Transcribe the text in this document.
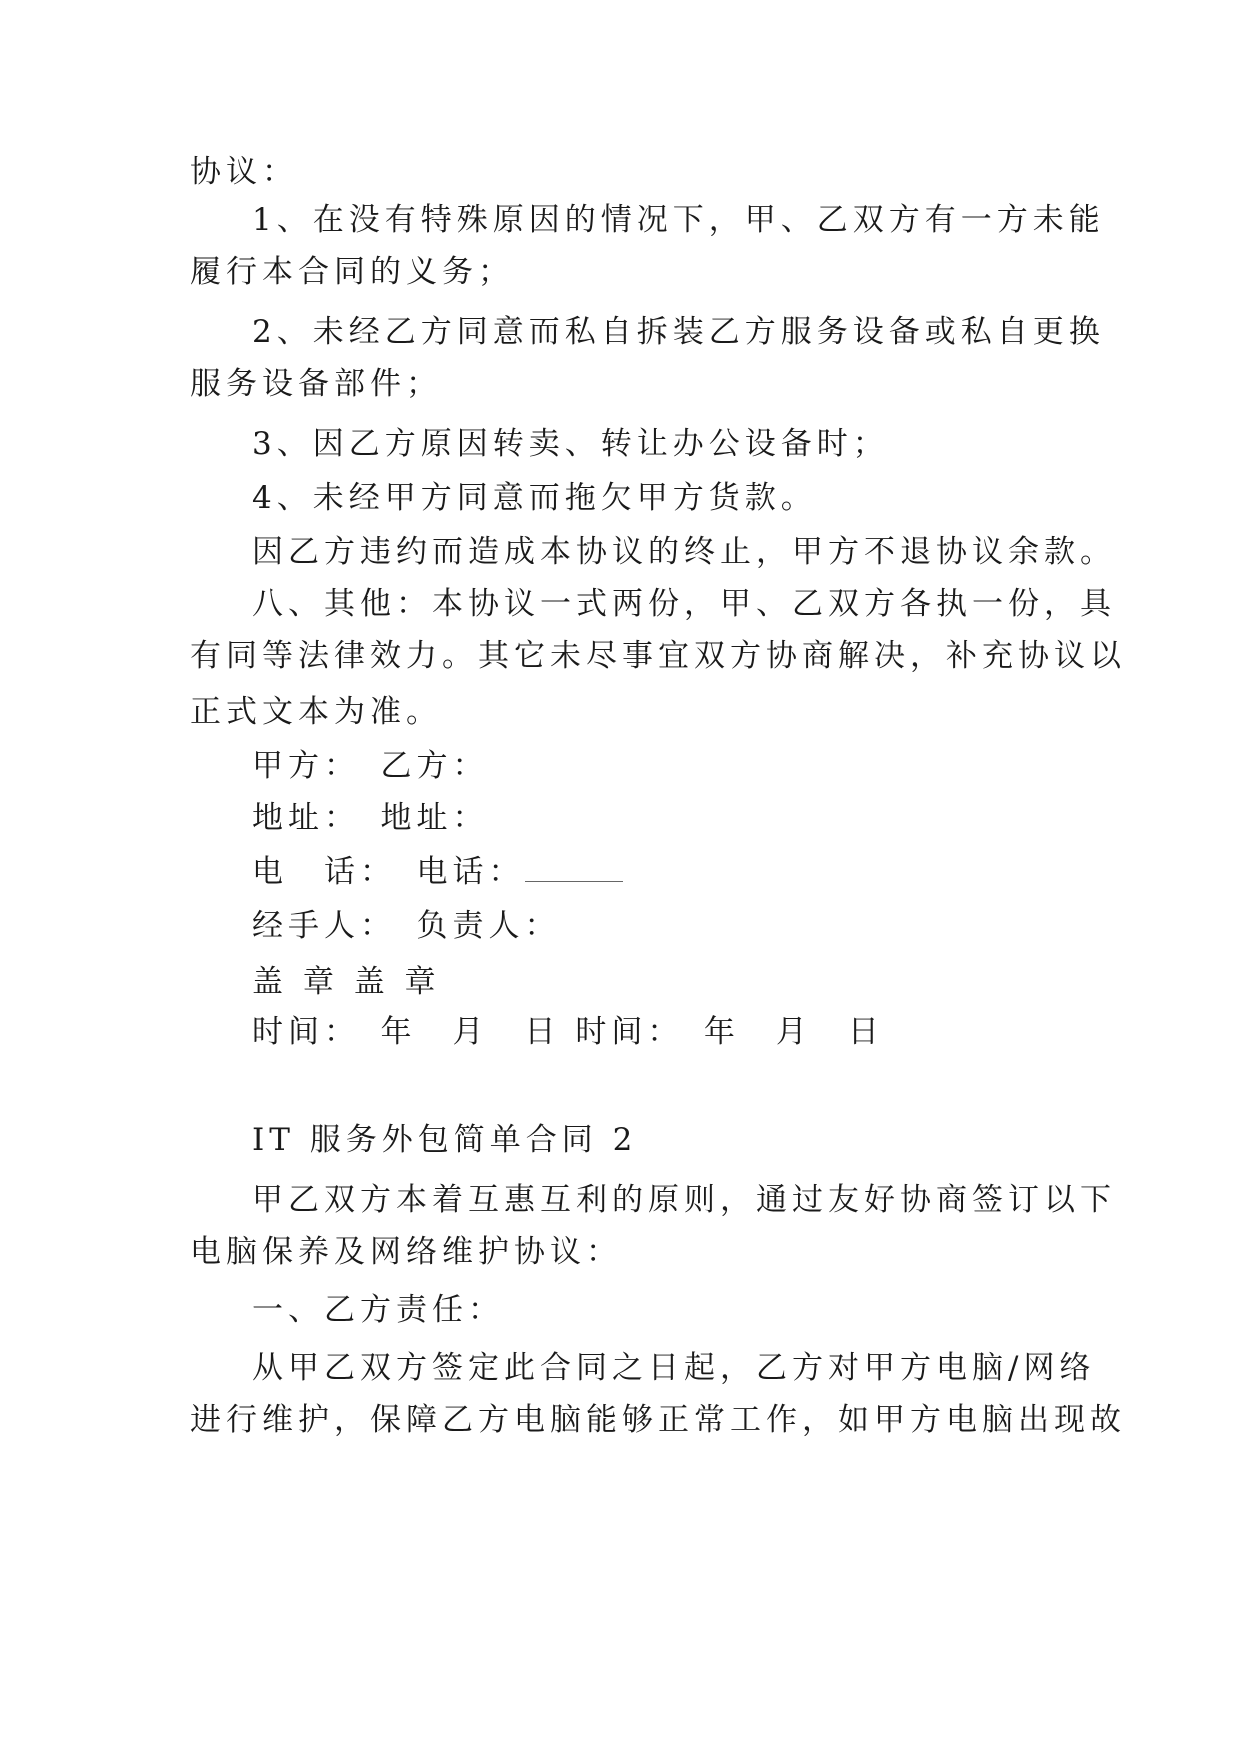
协议：

1、在没有特殊原因的情况下，甲、乙双方有一方未能

履行本合同的义务；

2、未经乙方同意而私自拆装乙方服务设备或私自更换

服务设备部件；

3、因乙方原因转卖、转让办公设备时；

4、未经甲方同意而拖欠甲方货款。

因乙方违约而造成本协议的终止，甲方不退协议余款。

八、其他：本协议一式两份，甲、乙双方各执一份，具

有同等法律效力。其它未尽事宜双方协商解决，补充协议以

正式文本为准。

甲方：　乙方：

地址：　地址：

电　话：　电话：

经手人：　负责人：

盖 章 盖 章

时间：　年　月　日 时间：　年　月　日

IT 服务外包简单合同 2

甲乙双方本着互惠互利的原则，通过友好协商签订以下

电脑保养及网络维护协议：

一、乙方责任：

从甲乙双方签定此合同之日起，乙方对甲方电脑/网络

进行维护，保障乙方电脑能够正常工作，如甲方电脑出现故
